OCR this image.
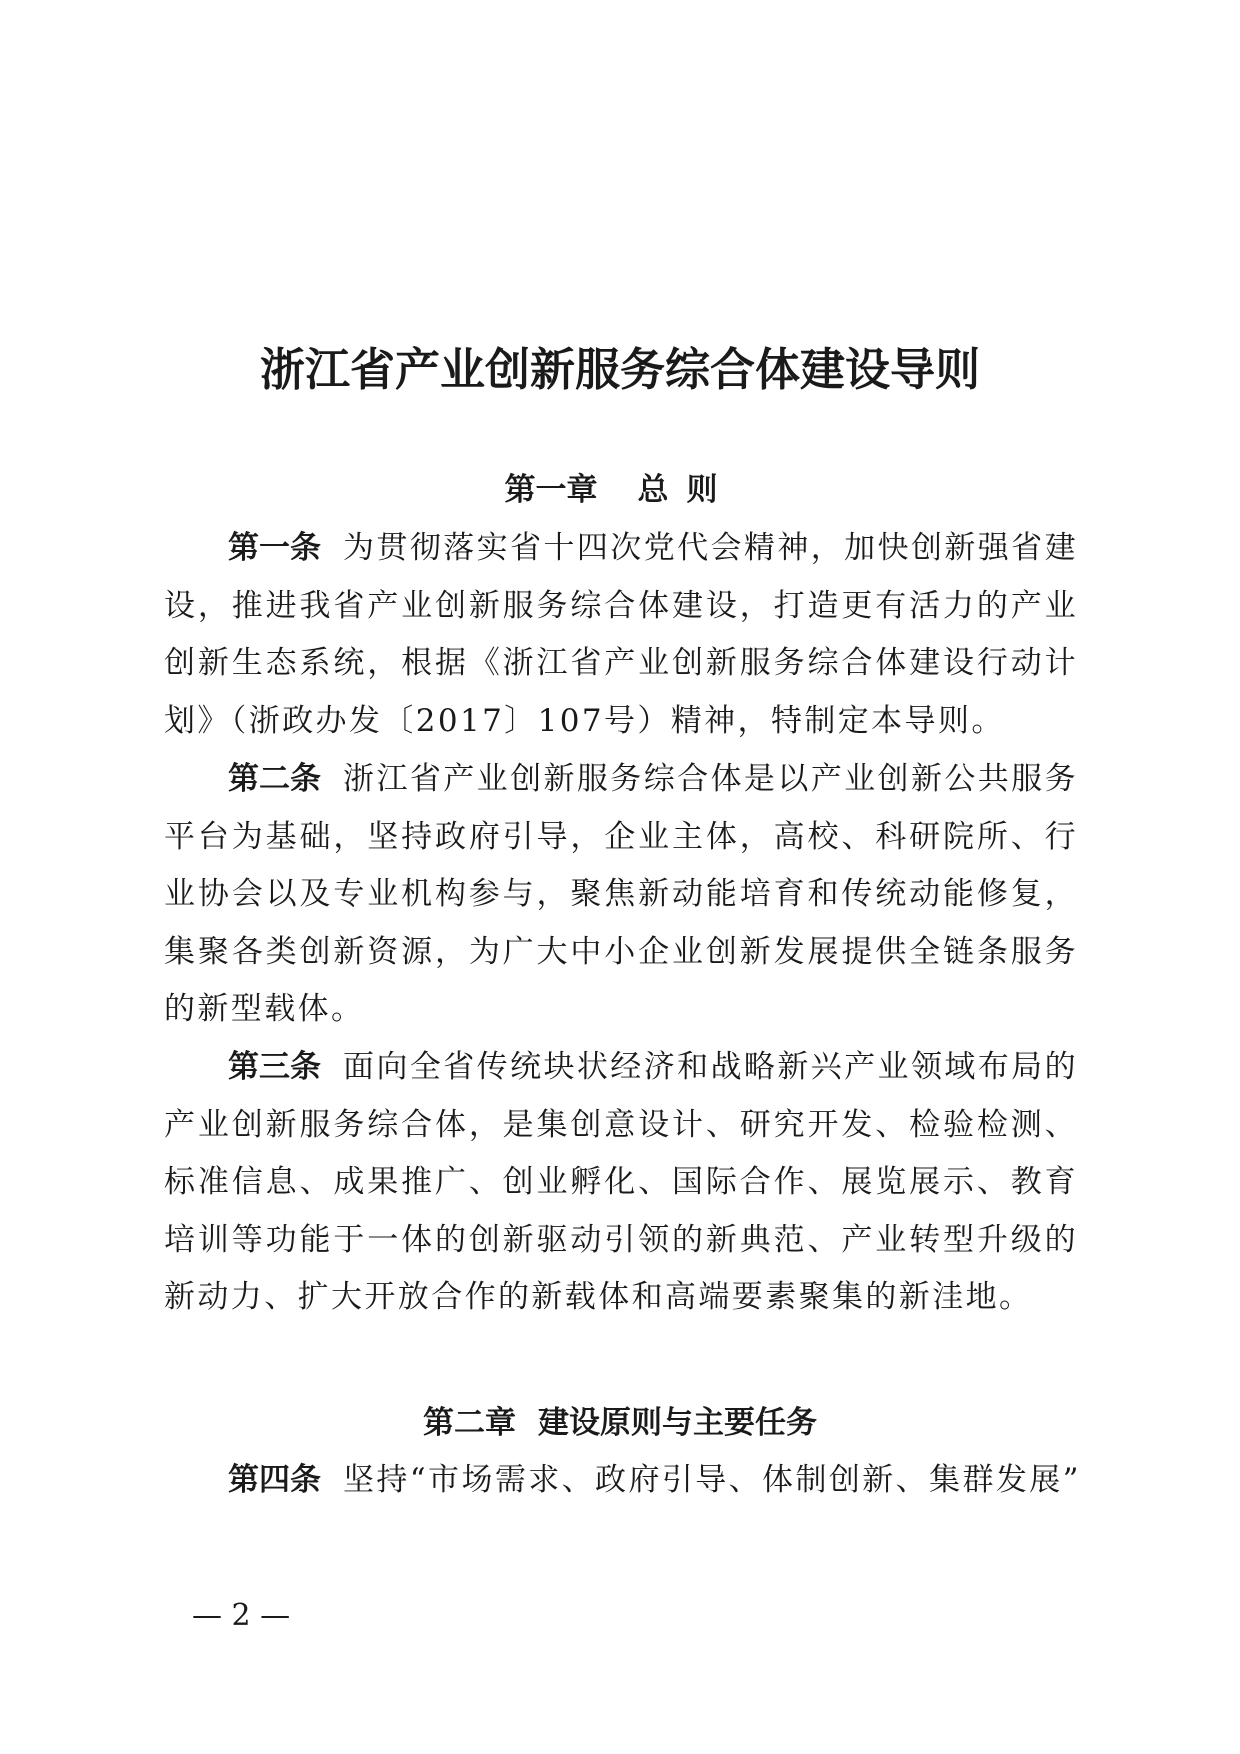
浙江省产业创新服务综合体建设导则
第一章 总则

第一条 为贯彻落实省十四次党代会精神，加快创新强省建设，推进我省产业创新服务综合体建设，打造更有活力的产业创新生态系统，根据《浙江省产业创新服务综合体建设行动计划》（浙政办发〔2017〕107号）精神，特制定本导则。

第二条 浙江省产业创新服务综合体是以产业创新公共服务平台为基础，坚持政府引导，企业主体，高校、科研院所、行业协会以及专业机构参与，聚焦新动能培育和传统动能修复，集聚各类创新资源，为广大中小企业创新发展提供全链条服务的新型载体。

第三条 面向全省传统块状经济和战略新兴产业领域布局的产业创新服务综合体，是集创意设计、研究开发、检验检测、标准信息、成果推广、创业孵化、国际合作、展览展示、教育培训等功能于一体的创新驱动引领的新典范、产业转型升级的新动力、扩大开放合作的新载体和高端要素聚集的新洼地。

第二章 建设原则与主要任务

第四条 坚持“市场需求、政府引导、体制创新、集群发展”

— 2 —
